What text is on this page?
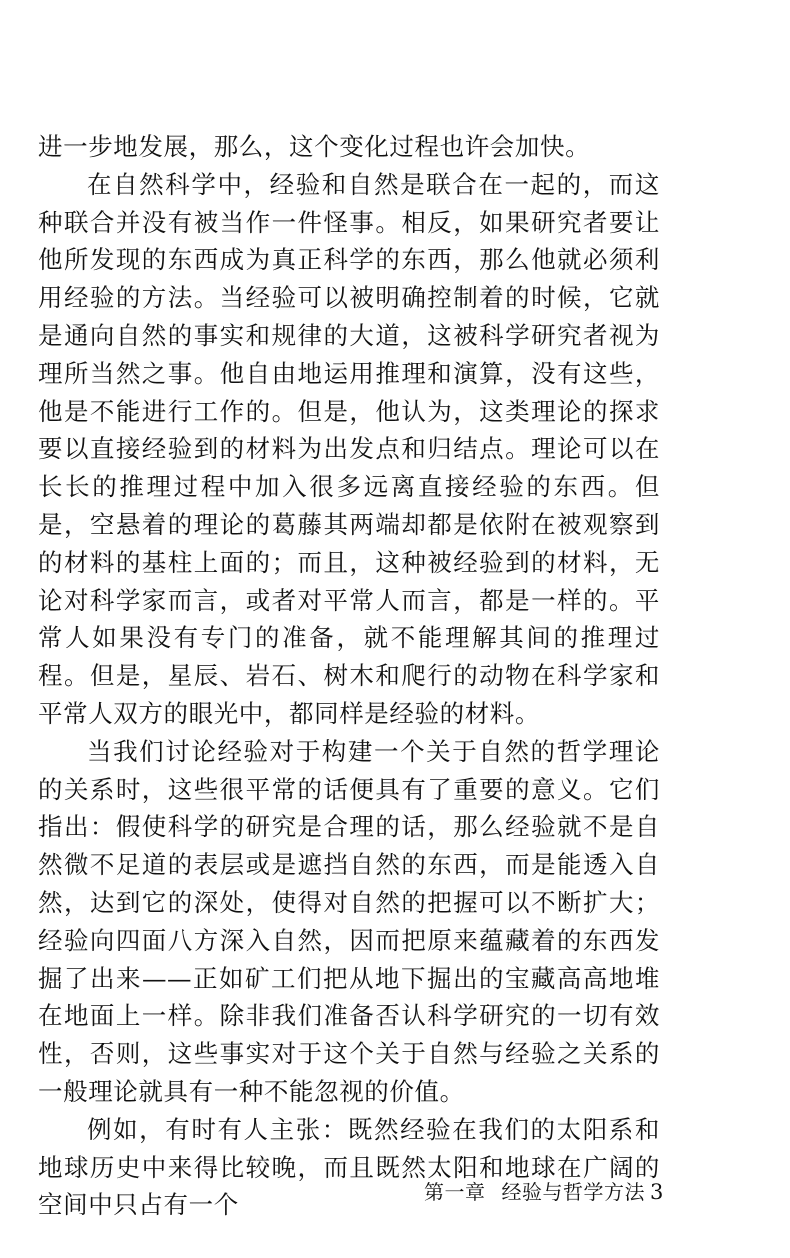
进一步地发展，那么，这个变化过程也许会加快。

在自然科学中，经验和自然是联合在一起的，而这种联合并没有被当作一件怪事。相反，如果研究者要让他所发现的东西成为真正科学的东西，那么他就必须利用经验的方法。当经验可以被明确控制着的时候，它就是通向自然的事实和规律的大道，这被科学研究者视为理所当然之事。他自由地运用推理和演算，没有这些，他是不能进行工作的。但是，他认为，这类理论的探求要以直接经验到的材料为出发点和归结点。理论可以在长长的推理过程中加入很多远离直接经验的东西。但是，空悬着的理论的葛藤其两端却都是依附在被观察到的材料的基柱上面的；而且，这种被经验到的材料，无论对科学家而言，或者对平常人而言，都是一样的。平常人如果没有专门的准备，就不能理解其间的推理过程。但是，星辰、岩石、树木和爬行的动物在科学家和平常人双方的眼光中，都同样是经验的材料。

当我们讨论经验对于构建一个关于自然的哲学理论的关系时，这些很平常的话便具有了重要的意义。它们指出：假使科学的研究是合理的话，那么经验就不是自然微不足道的表层或是遮挡自然的东西，而是能透入自然，达到它的深处，使得对自然的把握可以不断扩大；经验向四面八方深入自然，因而把原来蕴藏着的东西发掘了出来——正如矿工们把从地下掘出的宝藏高高地堆在地面上一样。除非我们准备否认科学研究的一切有效性，否则，这些事实对于这个关于自然与经验之关系的一般理论就具有一种不能忽视的价值。

例如，有时有人主张：既然经验在我们的太阳系和地球历史中来得比较晚，而且既然太阳和地球在广阔的空间中只占有一个	第一章 经验与哲学方法 3
